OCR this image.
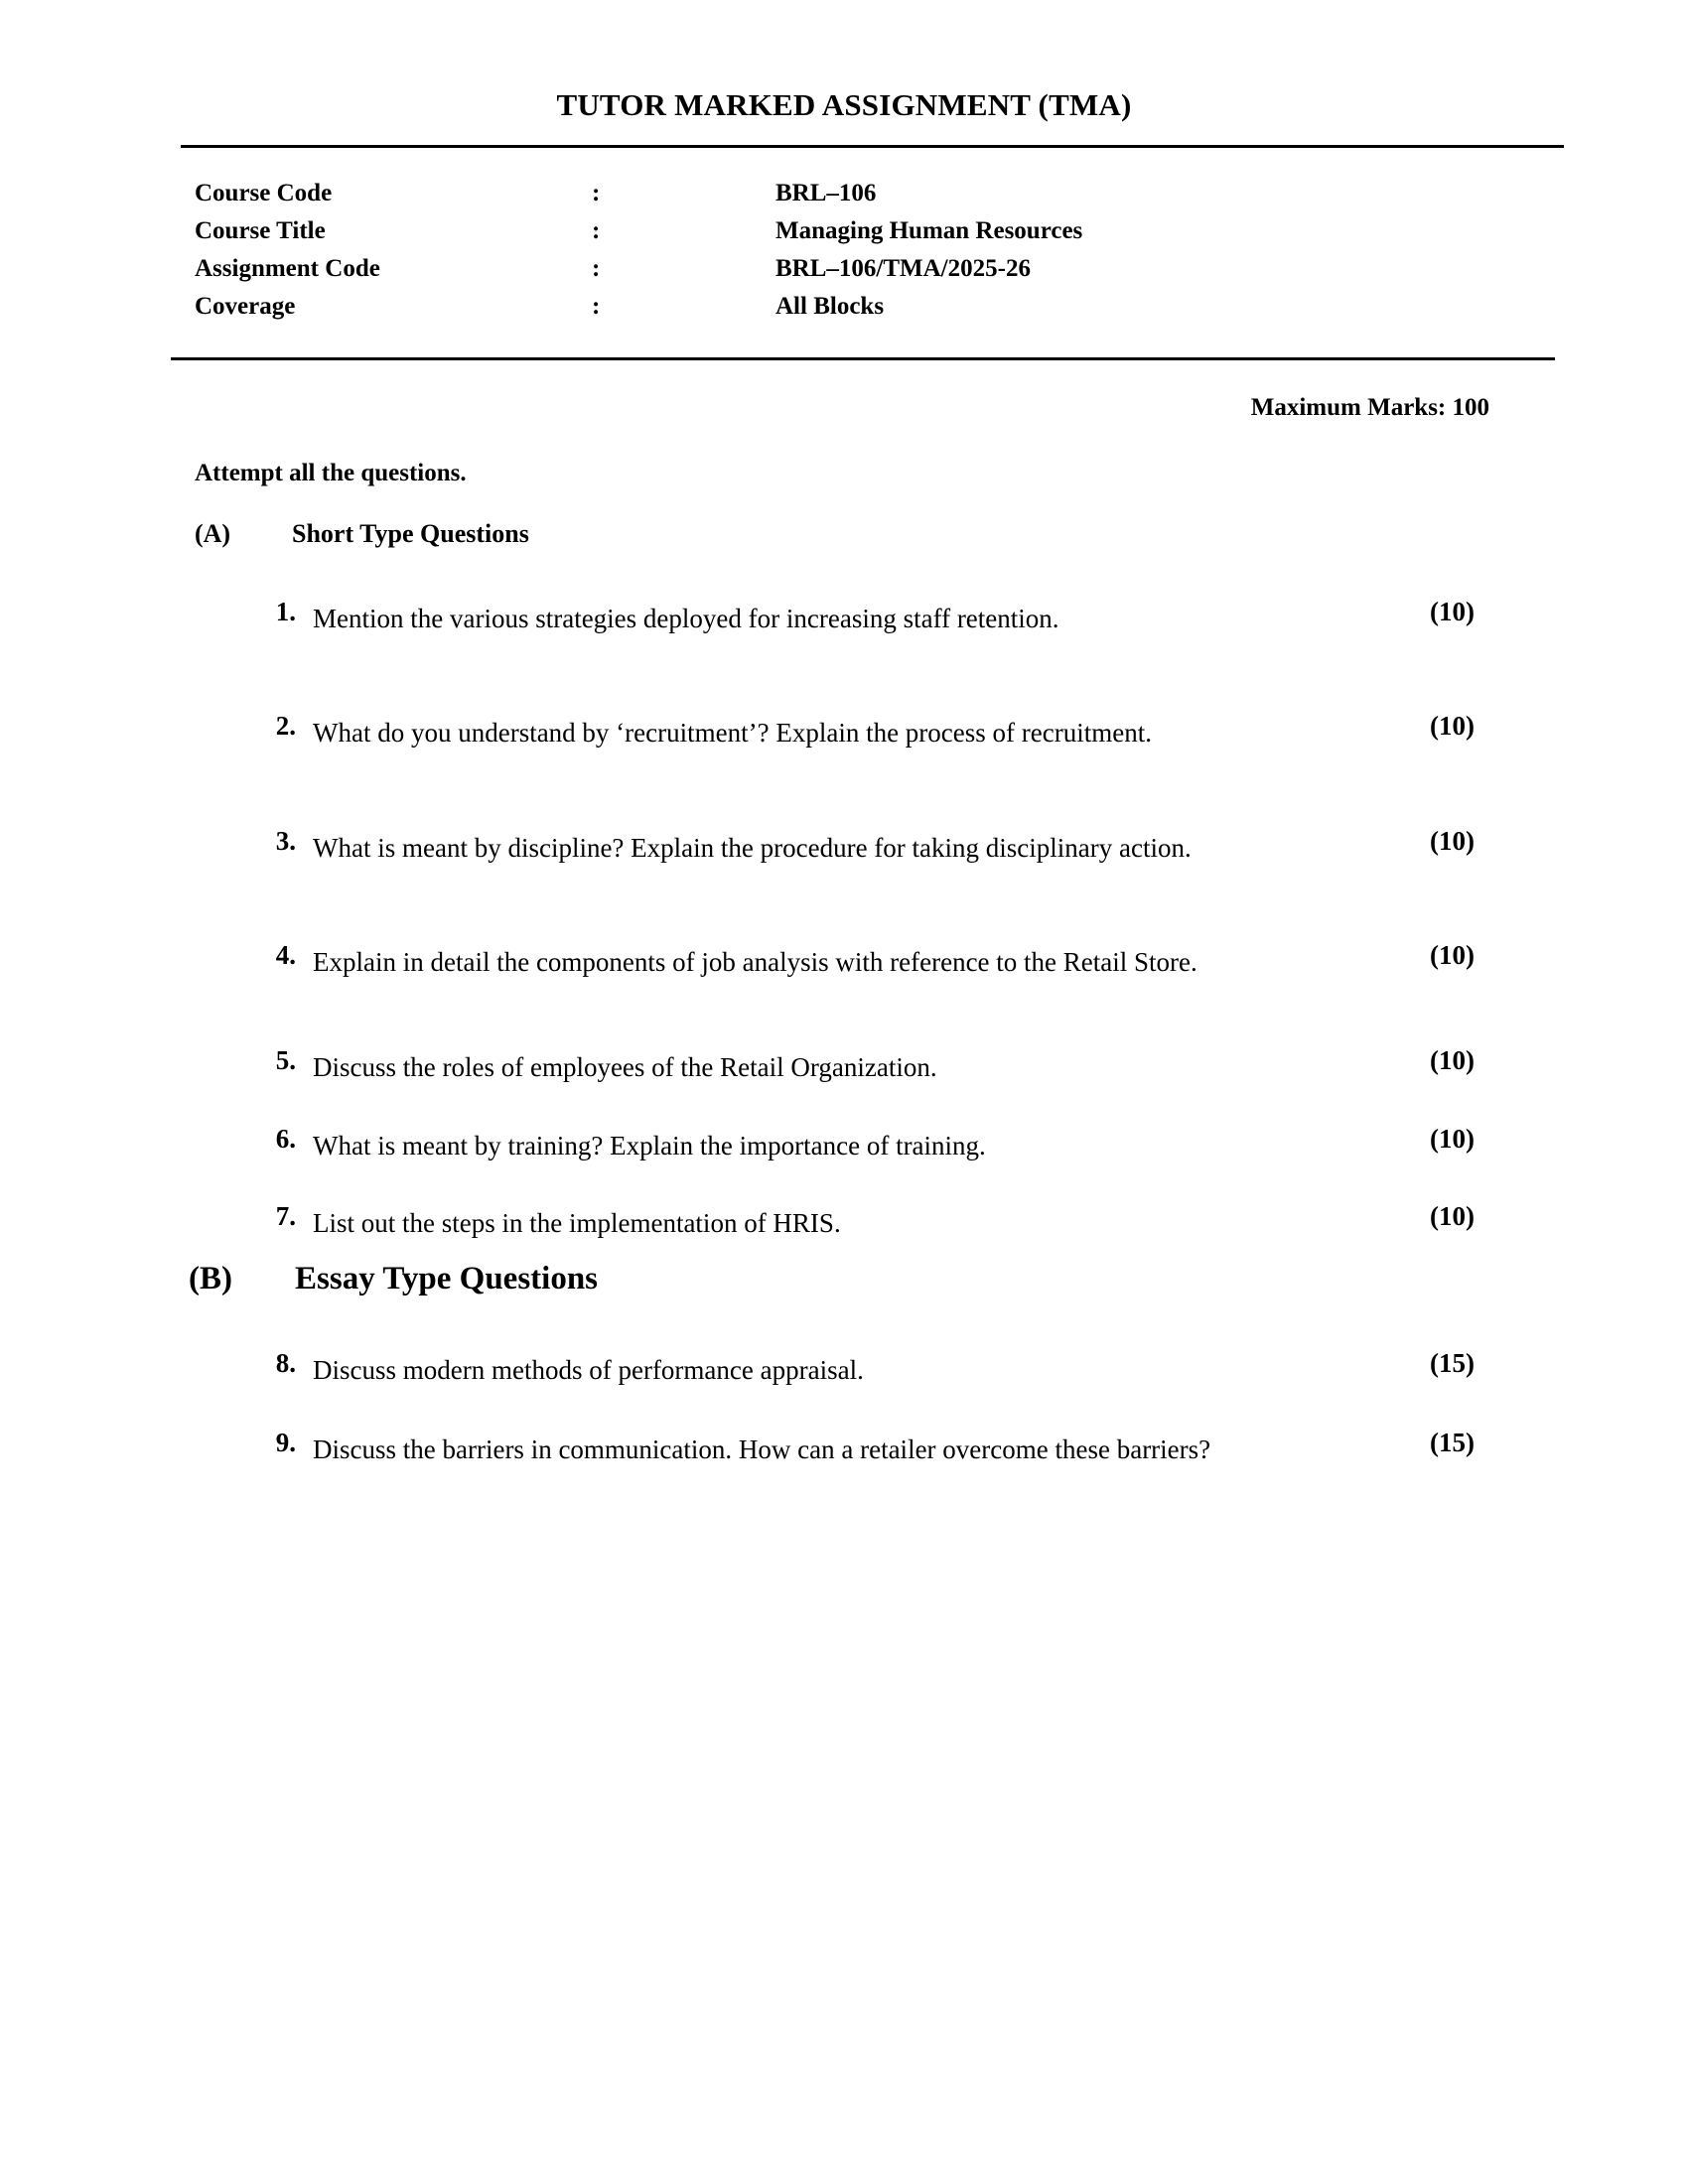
TUTOR MARKED ASSIGNMENT (TMA)
Course Code	:	BRL–106
Course Title	:	Managing Human Resources
Assignment Code	:	BRL–106/TMA/2025-26
Coverage	:	All Blocks
Maximum Marks: 100
Attempt all the questions.
(A) Short Type Questions
(B) Essay Type Questions
1. Mention the various strategies deployed for increasing staff retention.	(10)
2. What do you understand by ‘recruitment’? Explain the process of recruitment.	(10)
3. What is meant by discipline? Explain the procedure for taking disciplinary action.	(10)
4. Explain in detail the components of job analysis with reference to the Retail Store.	(10)
5. Discuss the roles of employees of the Retail Organization.	(10)
6. What is meant by training? Explain the importance of training.	(10)
7. List out the steps in the implementation of HRIS.	(10)
8. Discuss modern methods of performance appraisal.	(15)
9. Discuss the barriers in communication. How can a retailer overcome these barriers?	(15)
